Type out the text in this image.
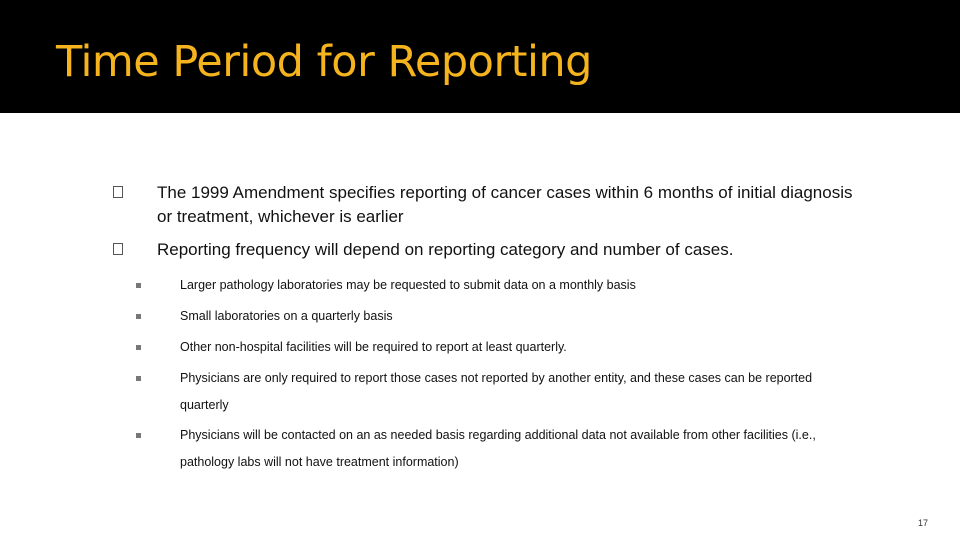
Time Period for Reporting
The 1999 Amendment specifies reporting of cancer cases within 6 months of initial diagnosis or treatment, whichever is earlier
Reporting frequency will depend on reporting category and number of cases.
Larger pathology laboratories may be requested to submit data on a monthly basis
Small laboratories on a quarterly basis
Other non-hospital facilities will be required to report at least quarterly.
Physicians are only required to report those cases not reported by another entity, and these cases can be reported quarterly
Physicians will be contacted on an as needed basis regarding additional data not available from other facilities (i.e., pathology labs will not have treatment information)
17
